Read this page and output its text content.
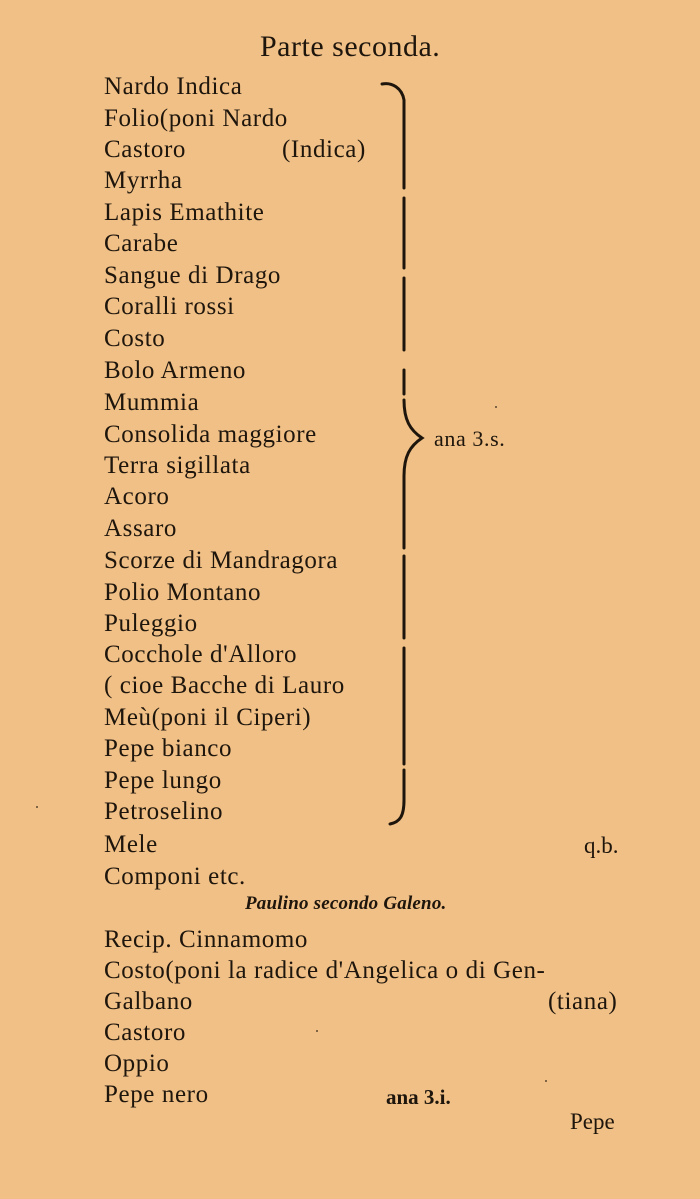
Parte seconda.
Nardo Indica
Folio(poni Nardo
Castoro
Myrrha
Lapis Emathite
Carabe
Sangue di Drago
Coralli rossi
Costo
Bolo Armeno
Mummia
Consolida maggiore
Terra sigillata
Acoro
Assaro
Scorze di Mandragora
Polio Montano
Puleggio
Cocchole d'Alloro
( cioe Bacche di Lauro
Meù(poni il Ciperi)
Pepe bianco
Pepe lungo
Petroselino
(Indica)
ana 3.s.
Mele	q.b.
Componi etc.
Paulino secondo Galeno.
Recip. Cinnamomo
Costo(poni la radice d'Angelica o di Gen-
Galbano
Castoro
Oppio
Pepe nero
(tiana)
ana 3.i.
Pepe
